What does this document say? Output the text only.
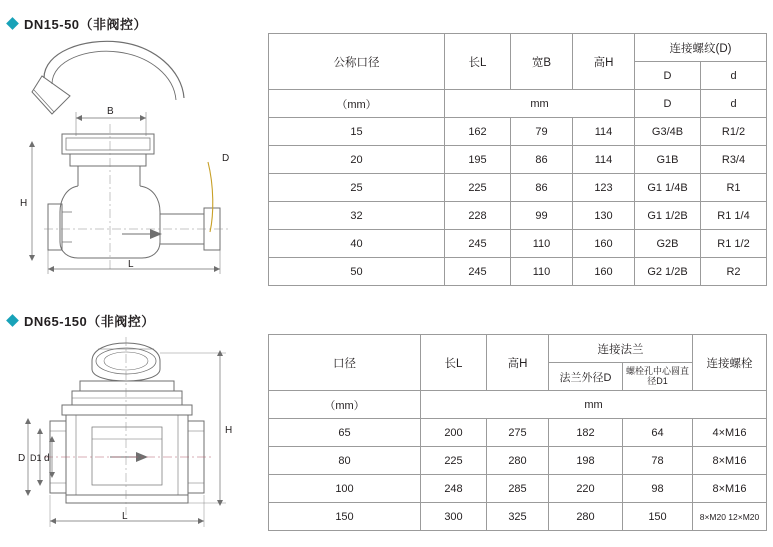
DN15-50（非阀控）
B
H
L
D
公称口径	长L	宽B	高H	连接螺纹(D)	
				D	d
（mm）	mm			D	d
15	162	79	114	G3/4B	R1/2
20	195	86	114	G1B	R3/4
25	225	86	123	G1 1/4B	R1
32	228	99	130	G1 1/2B	R1 1/4
40	245	110	160	G2B	R1 1/2
50	245	110	160	G2 1/2B	R2
DN65-150（非阀控）
D D1 d
H
L
口径	长L	高H	连接法兰		连接螺栓
			法兰外径D	螺栓孔中心圆直径D1	
（mm）	mm				
65	200	275	182	64	4×M16
80	225	280	198	78	8×M16
100	248	285	220	98	8×M16
150	300	325	280	150	8×M20 12×M20
